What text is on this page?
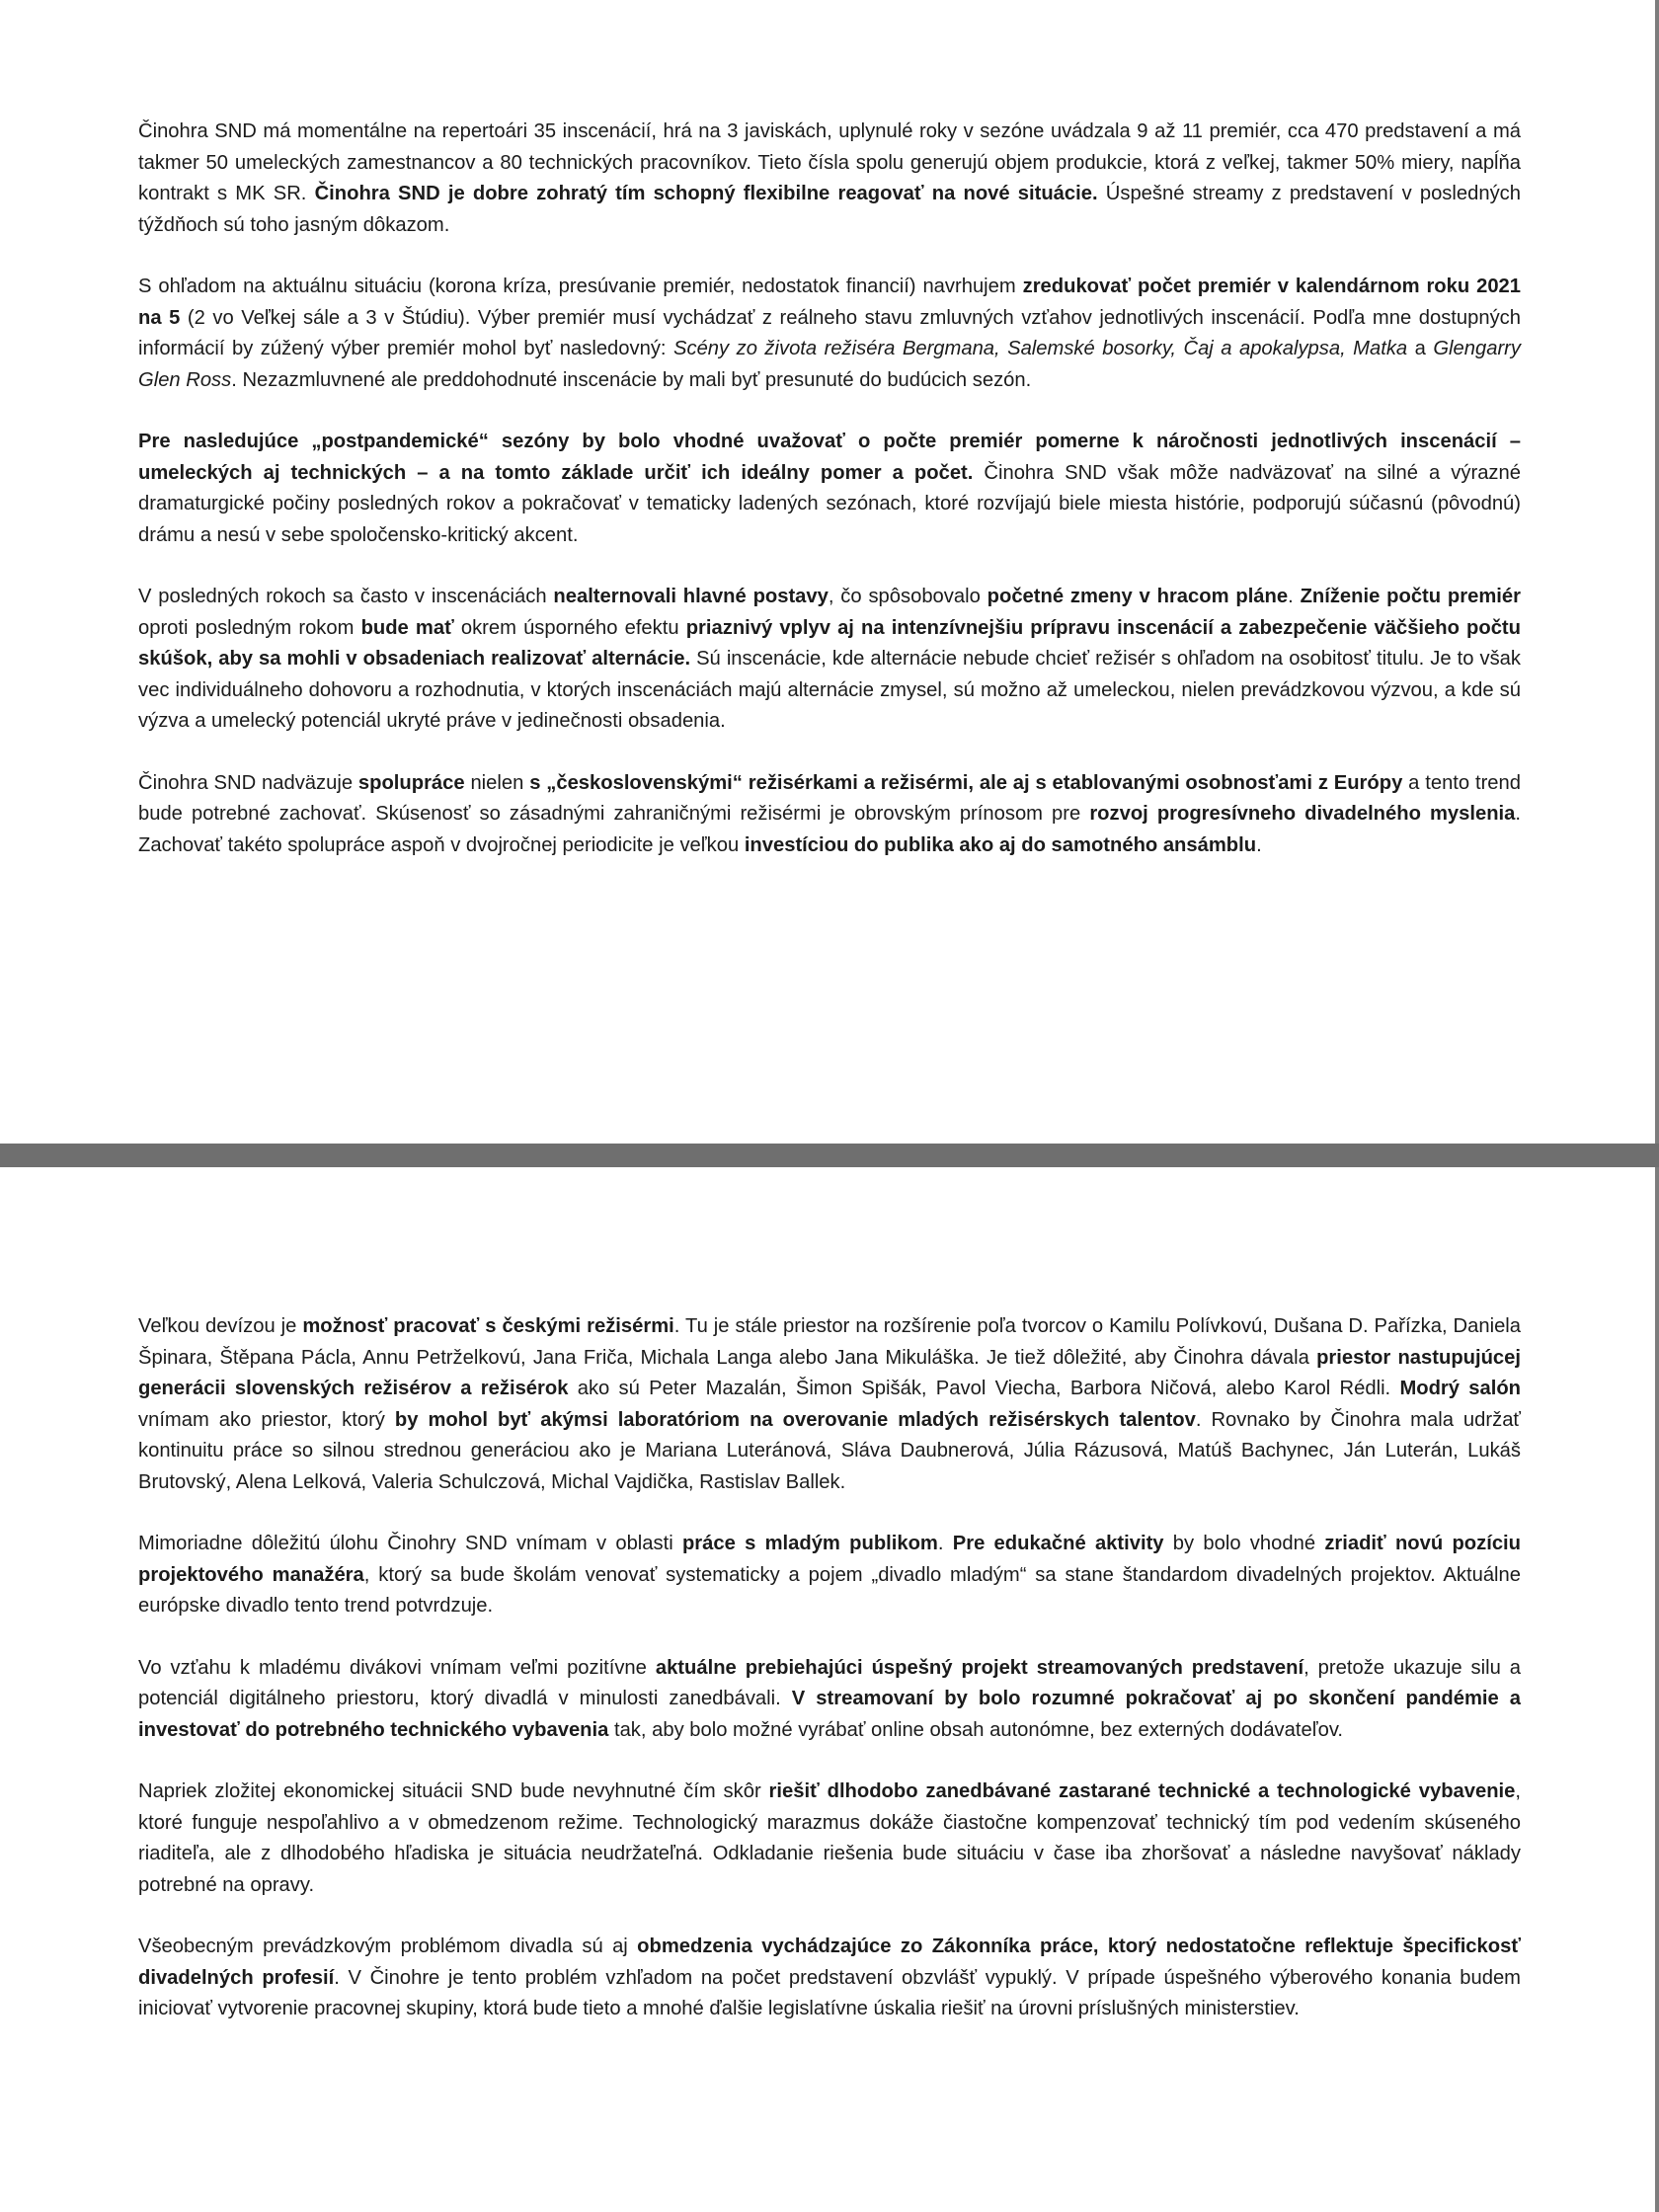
Činohra SND má momentálne na repertoári 35 inscenácií, hrá na 3 javiskách, uplynulé roky v sezóne uvádzala 9 až 11 premiér, cca 470 predstavení a má takmer 50 umeleckých zamestnancov a 80 technických pracovníkov. Tieto čísla spolu generujú objem produkcie, ktorá z veľkej, takmer 50% miery, napĺňa kontrakt s MK SR. Činohra SND je dobre zohratý tím schopný flexibilne reagovať na nové situácie. Úspešné streamy z predstavení v posledných týždňoch sú toho jasným dôkazom.

S ohľadom na aktuálnu situáciu (korona kríza, presúvanie premiér, nedostatok financií) navrhujem zredukovať počet premiér v kalendárnom roku 2021 na 5 (2 vo Veľkej sále a 3 v Štúdiu). Výber premiér musí vychádzať z reálneho stavu zmluvných vzťahov jednotlivých inscenácií. Podľa mne dostupných informácií by zúžený výber premiér mohol byť nasledovný: Scény zo života režiséra Bergmana, Salemské bosorky, Čaj a apokalypsa, Matka a Glengarry Glen Ross. Nezazmluvnené ale preddohodnuté inscenácie by mali byť presunuté do budúcich sezón.

Pre nasledujúce „postpandemické“ sezóny by bolo vhodné uvažovať o počte premiér pomerne k náročnosti jednotlivých inscenácií – umeleckých aj technických – a na tomto základe určiť ich ideálny pomer a počet. Činohra SND však môže nadväzovať na silné a výrazné dramaturgické počiny posledných rokov a pokračovať v tematicky ladených sezónach, ktoré rozvíjajú biele miesta histórie, podporujú súčasnú (pôvodnú) drámu a nesú v sebe spoločensko-kritický akcent.

V posledných rokoch sa často v inscenáciách nealternovali hlavné postavy, čo spôsobovalo početné zmeny v hracom pláne. Zníženie počtu premiér oproti posledným rokom bude mať okrem úsporného efektu priaznivý vplyv aj na intenzívnejšiu prípravu inscenácií a zabezpečenie väčšieho počtu skúšok, aby sa mohli v obsadeniach realizovať alternácie. Sú inscenácie, kde alternácie nebude chcieť režisér s ohľadom na osobitosť titulu. Je to však vec individuálneho dohovoru a rozhodnutia, v ktorých inscenáciách majú alternácie zmysel, sú možno až umeleckou, nielen prevádzkovou výzvou, a kde sú výzva a umelecký potenciál ukryté práve v jedinečnosti obsadenia.

Činohra SND nadväzuje spolupráce nielen s „československými“ režisérkami a režisérmi, ale aj s etablovanými osobnosťami z Európy a tento trend bude potrebné zachovať. Skúsenosť so zásadnými zahraničnými režisérmi je obrovským prínosom pre rozvoj progresívneho divadelného myslenia. Zachovať takéto spolupráce aspoň v dvojročnej periodicite je veľkou investíciou do publika ako aj do samotného ansámblu.

Veľkou devízou je možnosť pracovať s českými režisérmi. Tu je stále priestor na rozšírenie poľa tvorcov o Kamilu Polívkovú, Dušana D. Pařízka, Daniela Špinara, Štěpana Pácla, Annu Petrželkovú, Jana Friča, Michala Langa alebo Jana Mikuláška. Je tiež dôležité, aby Činohra dávala priestor nastupujúcej generácii slovenských režisérov a režisérok ako sú Peter Mazalán, Šimon Spišák, Pavol Viecha, Barbora Ničová, alebo Karol Rédli. Modrý salón vnímam ako priestor, ktorý by mohol byť akýmsi laboratóriom na overovanie mladých režisérskych talentov. Rovnako by Činohra mala udržať kontinuitu práce so silnou strednou generáciou ako je Mariana Luteránová, Sláva Daubnerová, Júlia Rázusová, Matúš Bachynec, Ján Luterán, Lukáš Brutovský, Alena Lelková, Valeria Schulczová, Michal Vajdička, Rastislav Ballek.

Mimoriadne dôležitú úlohu Činohry SND vnímam v oblasti práce s mladým publikom. Pre edukačné aktivity by bolo vhodné zriadiť novú pozíciu projektového manažéra, ktorý sa bude školám venovať systematicky a pojem „divadlo mladým“ sa stane štandardom divadelných projektov. Aktuálne európske divadlo tento trend potvrdzuje.

Vo vzťahu k mladému divákovi vnímam veľmi pozitívne aktuálne prebiehajúci úspešný projekt streamovaných predstavení, pretože ukazuje silu a potenciál digitálneho priestoru, ktorý divadlá v minulosti zanedbávali. V streamovaní by bolo rozumné pokračovať aj po skončení pandémie a investovať do potrebného technického vybavenia tak, aby bolo možné vyrábať online obsah autonómne, bez externých dodávateľov.

Napriek zložitej ekonomickej situácii SND bude nevyhnutné čím skôr riešiť dlhodobo zanedbávané zastarané technické a technologické vybavenie, ktoré funguje nespoľahlivo a v obmedzenom režime. Technologický marazmus dokáže čiastočne kompenzovať technický tím pod vedením skúseného riaditeľa, ale z dlhodobého hľadiska je situácia neudržateľná. Odkladanie riešenia bude situáciu v čase iba zhoršovať a následne navyšovať náklady potrebné na opravy.

Všeobecným prevádzkovým problémom divadla sú aj obmedzenia vychádzajúce zo Zákonníka práce, ktorý nedostatočne reflektuje špecifickosť divadelných profesií. V Činohre je tento problém vzhľadom na počet predstavení obzvlášť vypuklý. V prípade úspešného výberového konania budem iniciovať vytvorenie pracovnej skupiny, ktorá bude tieto a mnohé ďalšie legislatívne úskalia riešiť na úrovni príslušných ministerstiev.
